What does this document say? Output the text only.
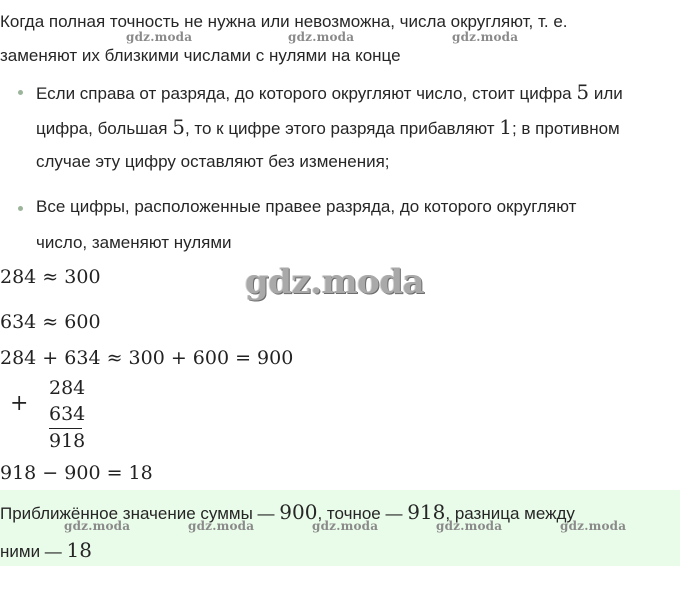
Когда полная точность не нужна или невозможна, числа округляют, т. е.
заменяют их близкими числами с нулями на конце
gdz.moda	gdz.moda	gdz.moda
Если справа от разряда, до которого округляют число, стоит цифра 5 или
цифра, большая 5, то к цифре этого разряда прибавляют 1; в противном
случае эту цифру оставляют без изменения;
Все цифры, расположенные правее разряда, до которого округляют
число, заменяют нулями
gdz.moda
284 ≈ 300
634 ≈ 600
284 + 634 ≈ 300 + 600 = 900
+
284
634
918
918 − 900 = 18
Приближённое значение суммы — 900, точное — 918, разница между
gdz.moda	gdz.moda	gdz.moda	gdz.moda	gdz.moda
ними — 18
